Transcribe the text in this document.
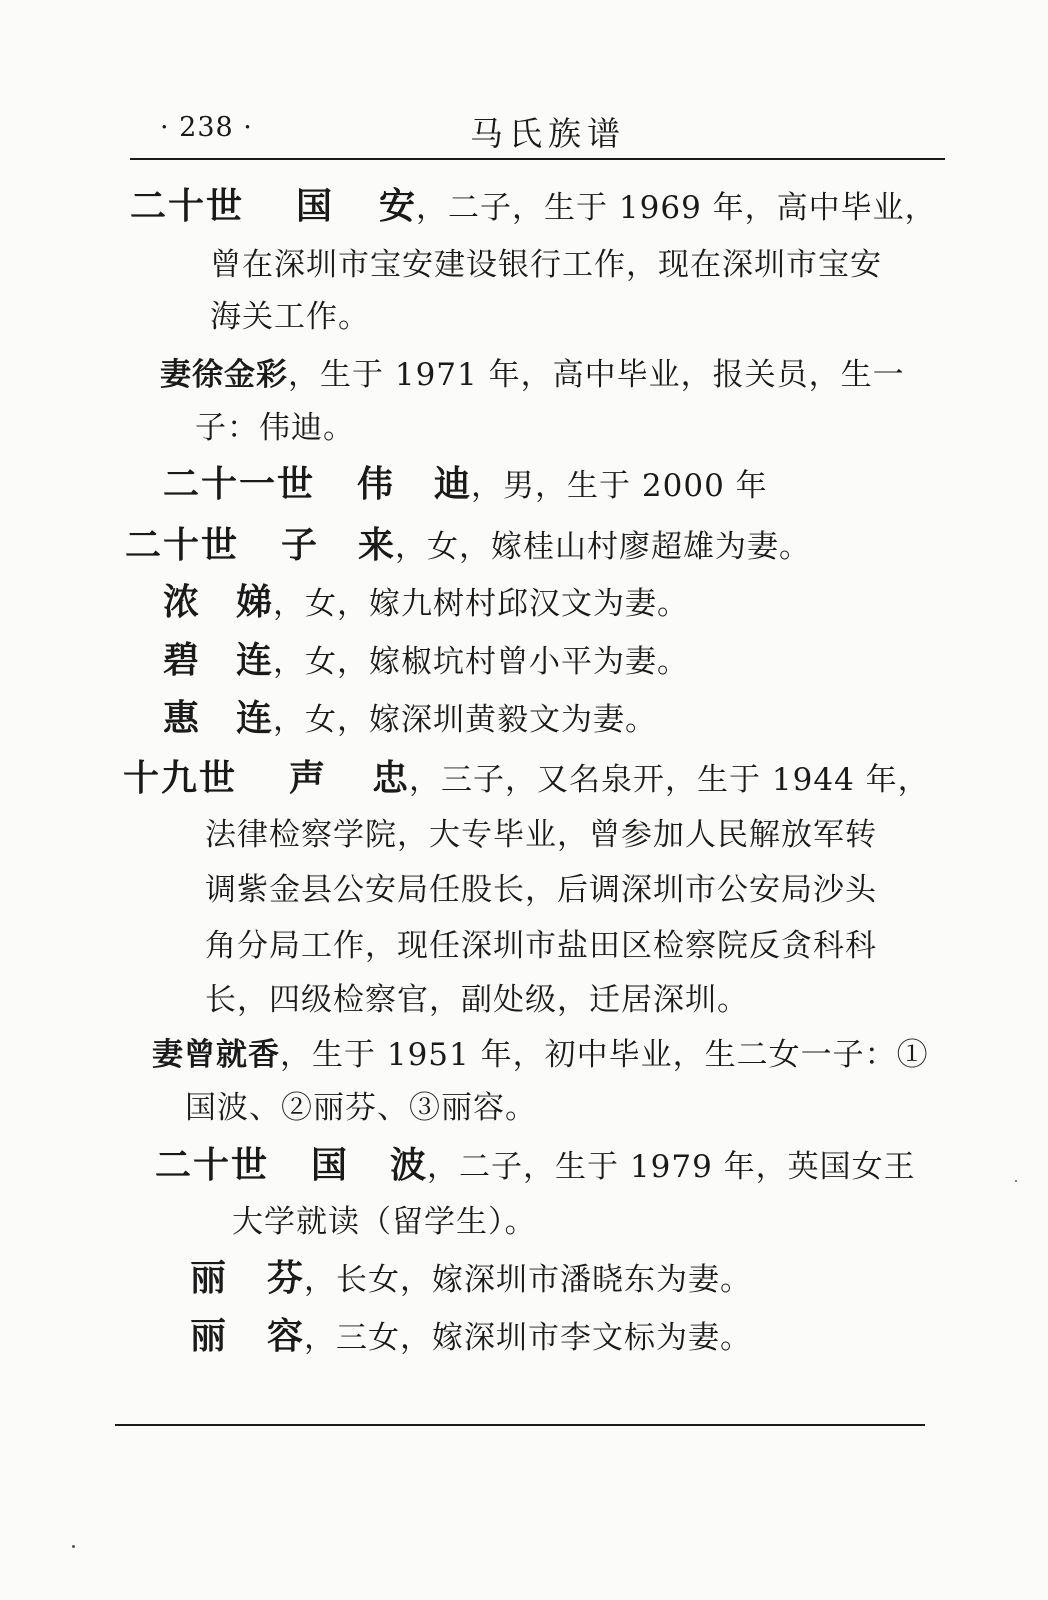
· 238 ·	马氏族谱
二十世 国 安，二子，生于 1969 年，高中毕业，
曾在深圳市宝安建设银行工作，现在深圳市宝安
海关工作。
妻徐金彩，生于 1971 年，高中毕业，报关员，生一
子：伟迪。
二十一世 伟 迪，男，生于 2000 年
二十世 子 来，女，嫁桂山村廖超雄为妻。
浓 娣，女，嫁九树村邱汉文为妻。
碧 连，女，嫁椒坑村曾小平为妻。
惠 连，女，嫁深圳黄毅文为妻。
十九世 声 忠，三子，又名泉开，生于 1944 年，
法律检察学院，大专毕业，曾参加人民解放军转
调紫金县公安局任股长，后调深圳市公安局沙头
角分局工作，现任深圳市盐田区检察院反贪科科
长，四级检察官，副处级，迁居深圳。
妻曾就香，生于 1951 年，初中毕业，生二女一子：①
国波、②丽芬、③丽容。
二十世 国 波，二子，生于 1979 年，英国女王
大学就读（留学生）。
丽 芬，长女，嫁深圳市潘晓东为妻。
丽 容，三女，嫁深圳市李文标为妻。
